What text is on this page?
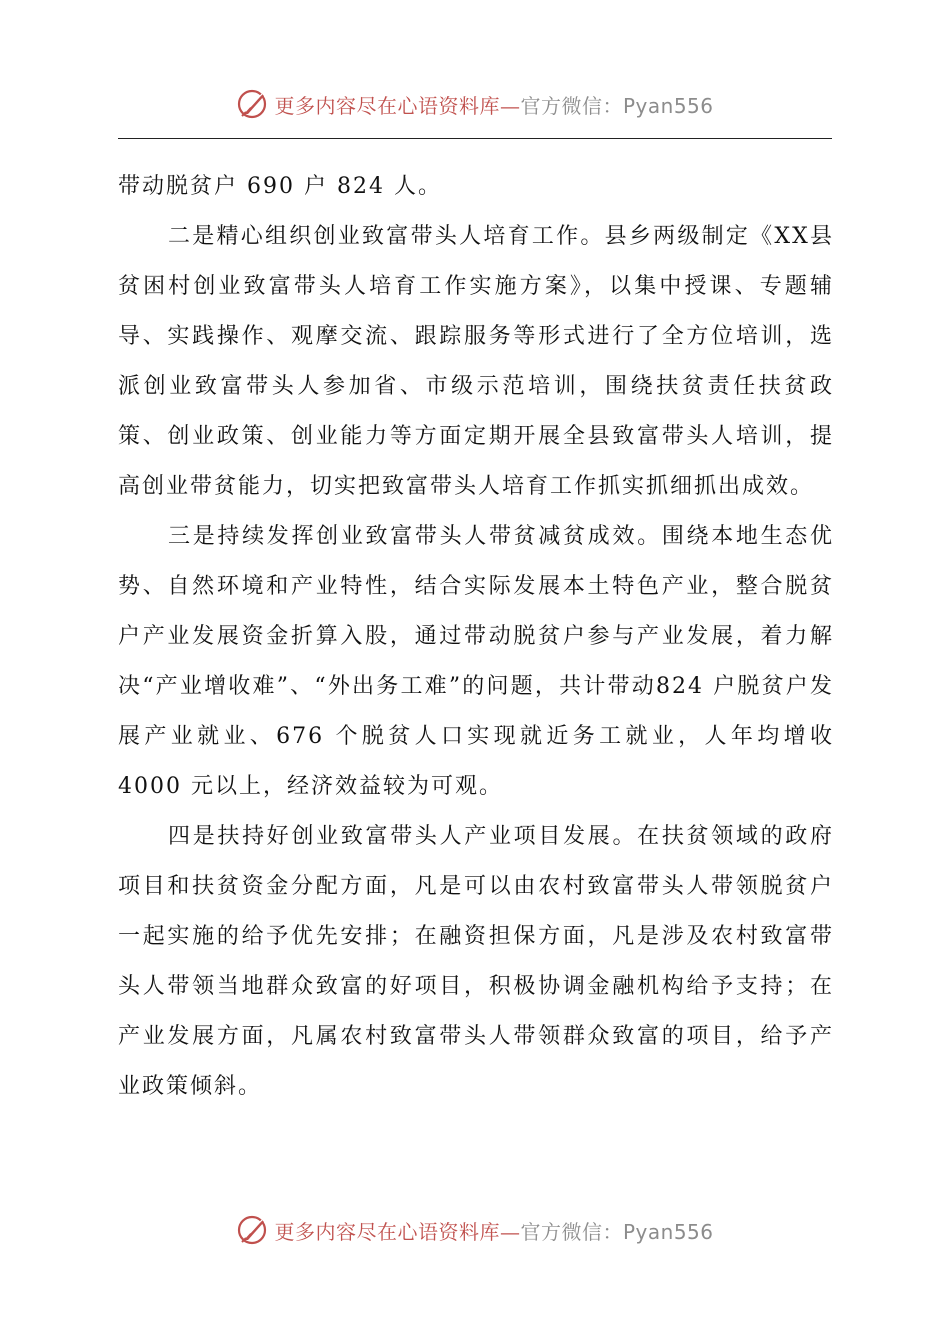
更多内容尽在心语资料库—官方微信：Pyan556

带动脱贫户 690 户 824 人。

二是精心组织创业致富带头人培育工作。县乡两级制定《XX县贫困村创业致富带头人培育工作实施方案》，以集中授课、专题辅导、实践操作、观摩交流、跟踪服务等形式进行了全方位培训，选派创业致富带头人参加省、市级示范培训，围绕扶贫责任扶贫政策、创业政策、创业能力等方面定期开展全县致富带头人培训，提高创业带贫能力，切实把致富带头人培育工作抓实抓细抓出成效。

三是持续发挥创业致富带头人带贫减贫成效。围绕本地生态优势、自然环境和产业特性，结合实际发展本土特色产业，整合脱贫户产业发展资金折算入股，通过带动脱贫户参与产业发展，着力解决“产业增收难”、“外出务工难”的问题，共计带动824 户脱贫户发展产业就业、676 个脱贫人口实现就近务工就业，人年均增收 4000 元以上，经济效益较为可观。

四是扶持好创业致富带头人产业项目发展。在扶贫领域的政府项目和扶贫资金分配方面，凡是可以由农村致富带头人带领脱贫户一起实施的给予优先安排；在融资担保方面，凡是涉及农村致富带头人带领当地群众致富的好项目，积极协调金融机构给予支持；在产业发展方面，凡属农村致富带头人带领群众致富的项目，给予产业政策倾斜。

更多内容尽在心语资料库—官方微信：Pyan556
